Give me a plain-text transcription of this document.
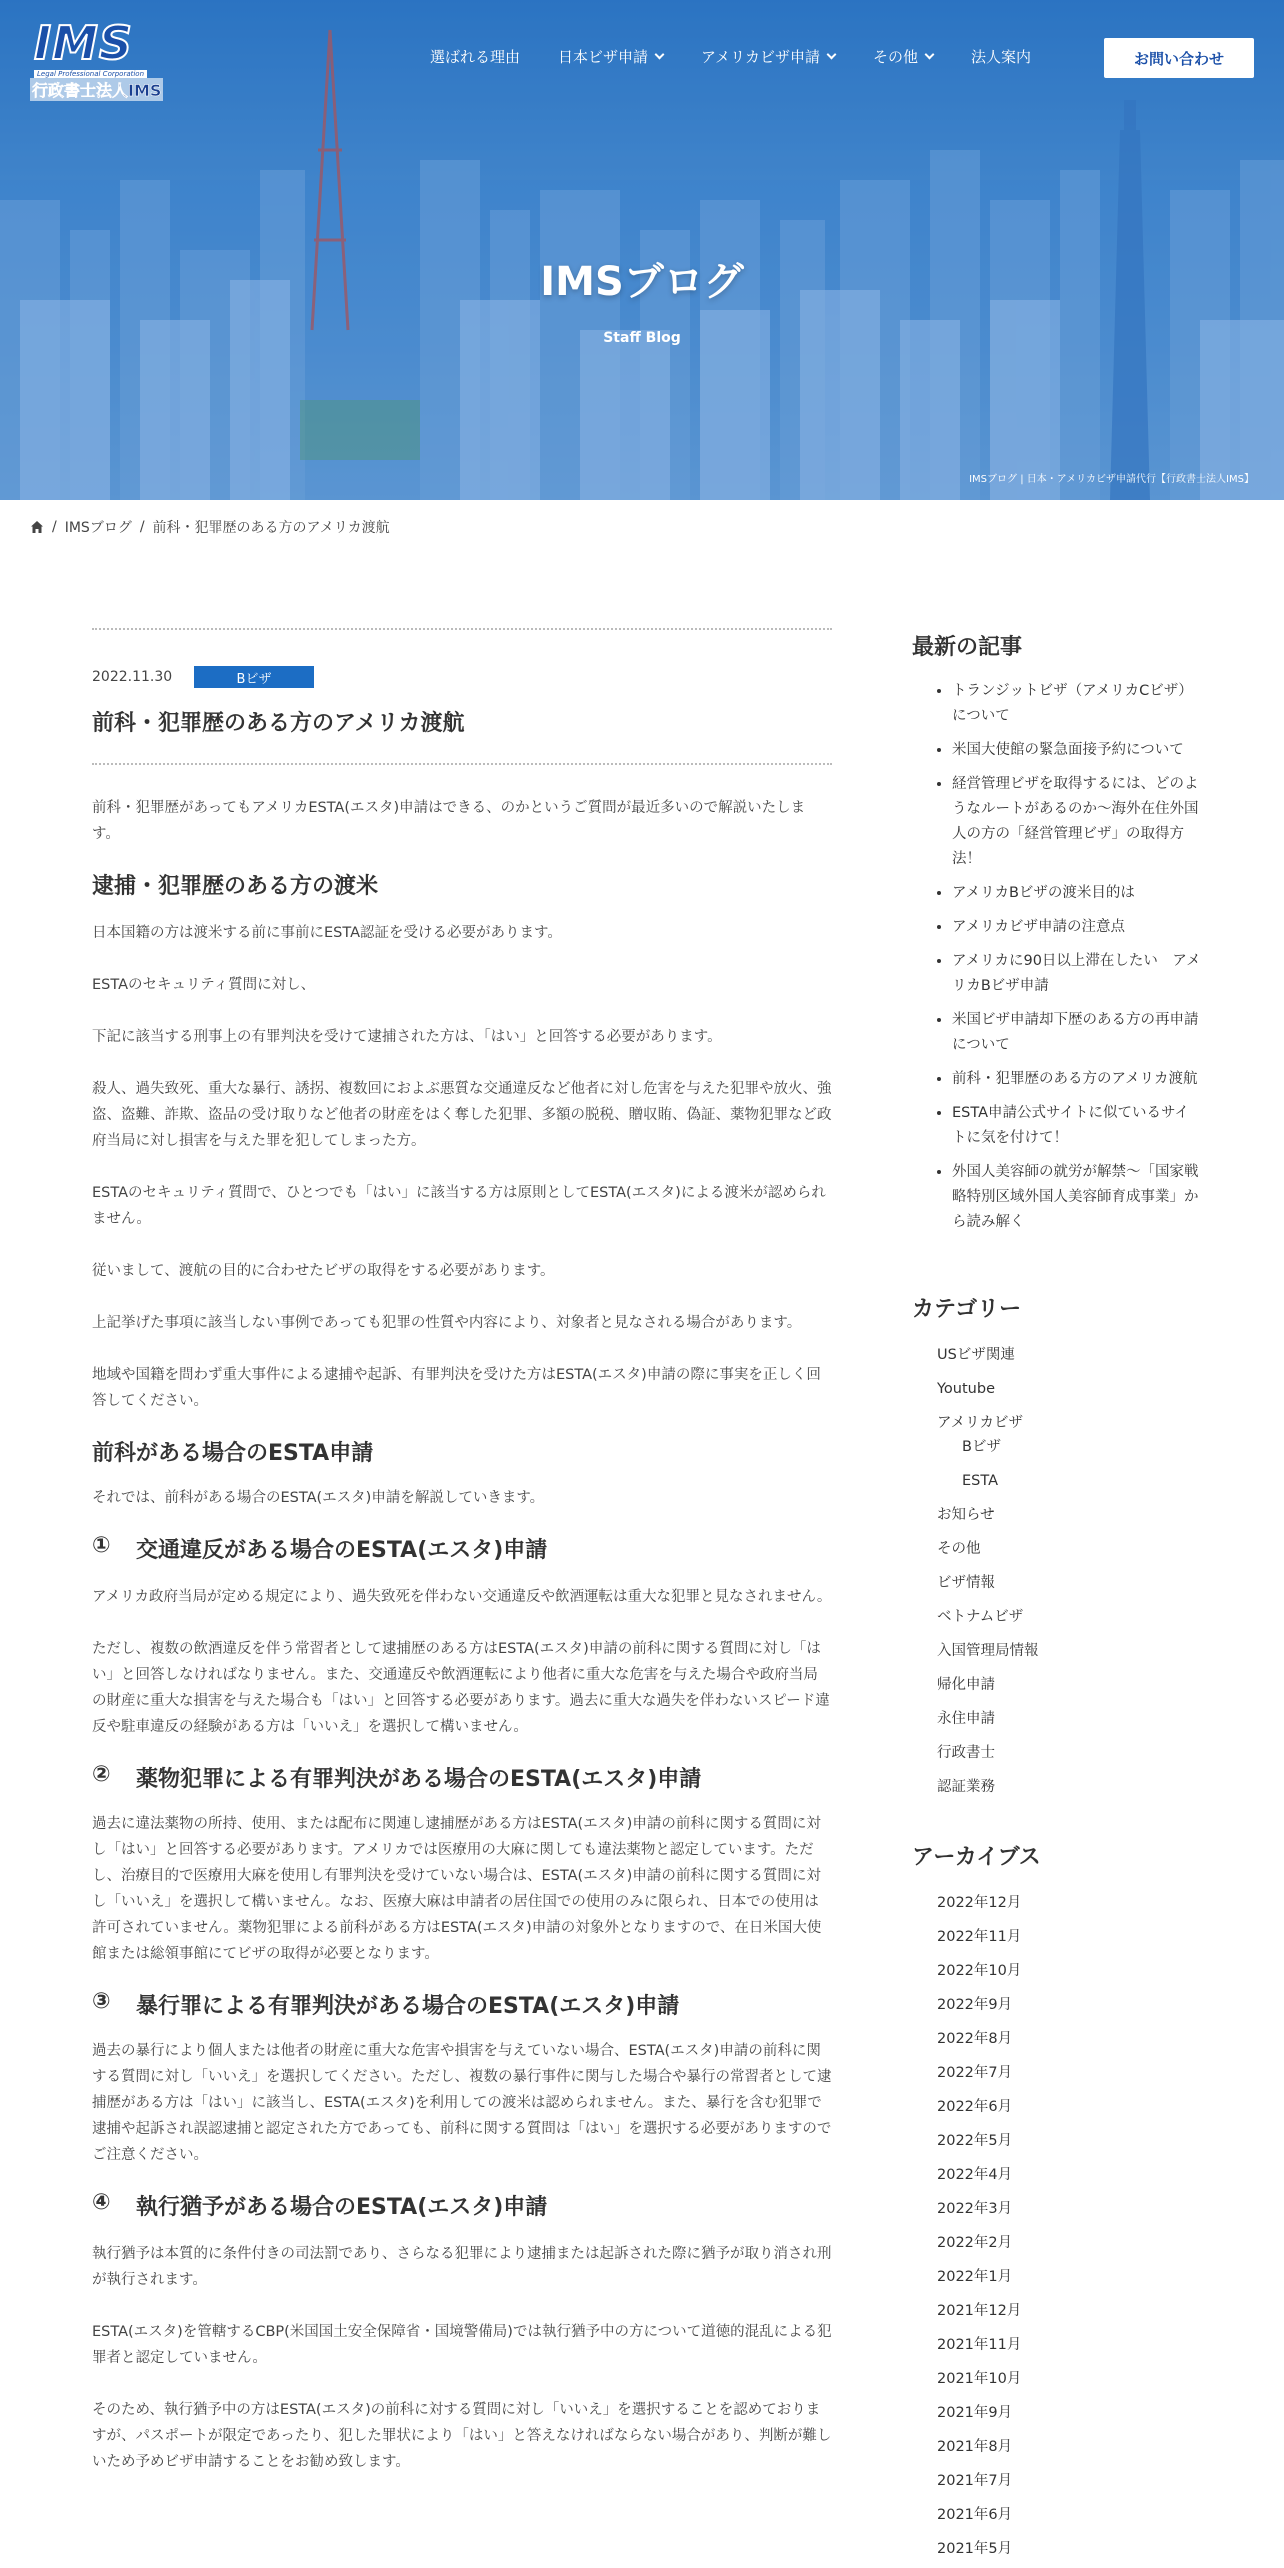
IMS
Legal Professional Corporation
行政書士法人IMS
選ばれる理由	日本ビザ申請	アメリカビザ申請	その他	法人案内	お問い合わせ
IMSブログ
Staff Blog
IMSブログ | 日本・アメリカビザ申請代行【行政書士法人IMS】
/ IMSブログ / 前科・犯罪歴のある方のアメリカ渡航
2022.11.30	Bビザ
前科・犯罪歴のある方のアメリカ渡航

前科・犯罪歴があってもアメリカESTA(エスタ)申請はできる、のかというご質問が最近多いので解説いたします。

逮捕・犯罪歴のある方の渡米

日本国籍の方は渡米する前に事前にESTA認証を受ける必要があります。

ESTAのセキュリティ質問に対し、

下記に該当する刑事上の有罪判決を受けて逮捕された方は、「はい」と回答する必要があります。

殺人、過失致死、重大な暴行、誘拐、複数回におよぶ悪質な交通違反など他者に対し危害を与えた犯罪や放火、強盗、盗難、詐欺、盗品の受け取りなど他者の財産をはく奪した犯罪、多額の脱税、贈収賄、偽証、薬物犯罪など政府当局に対し損害を与えた罪を犯してしまった方。

ESTAのセキュリティ質問で、ひとつでも「はい」に該当する方は原則としてESTA(エスタ)による渡米が認められません。

従いまして、渡航の目的に合わせたビザの取得をする必要があります。

上記挙げた事項に該当しない事例であっても犯罪の性質や内容により、対象者と見なされる場合があります。

地域や国籍を問わず重大事件による逮捕や起訴、有罪判決を受けた方はESTA(エスタ)申請の際に事実を正しく回答してください。

前科がある場合のESTA申請

それでは、前科がある場合のESTA(エスタ)申請を解説していきます。

①	交通違反がある場合のESTA(エスタ)申請

アメリカ政府当局が定める規定により、過失致死を伴わない交通違反や飲酒運転は重大な犯罪と見なされません。

ただし、複数の飲酒違反を伴う常習者として逮捕歴のある方はESTA(エスタ)申請の前科に関する質問に対し「はい」と回答しなければなりません。また、交通違反や飲酒運転により他者に重大な危害を与えた場合や政府当局の財産に重大な損害を与えた場合も「はい」と回答する必要があります。過去に重大な過失を伴わないスピード違反や駐車違反の経験がある方は「いいえ」を選択して構いません。

②	薬物犯罪による有罪判決がある場合のESTA(エスタ)申請

過去に違法薬物の所持、使用、または配布に関連し逮捕歴がある方はESTA(エスタ)申請の前科に関する質問に対し「はい」と回答する必要があります。アメリカでは医療用の大麻に関しても違法薬物と認定しています。ただし、治療目的で医療用大麻を使用し有罪判決を受けていない場合は、ESTA(エスタ)申請の前科に関する質問に対し「いいえ」を選択して構いません。なお、医療大麻は申請者の居住国での使用のみに限られ、日本での使用は許可されていません。薬物犯罪による前科がある方はESTA(エスタ)申請の対象外となりますので、在日米国大使館または総領事館にてビザの取得が必要となります。

③	暴行罪による有罪判決がある場合のESTA(エスタ)申請

過去の暴行により個人または他者の財産に重大な危害や損害を与えていない場合、ESTA(エスタ)申請の前科に関する質問に対し「いいえ」を選択してください。ただし、複数の暴行事件に関与した場合や暴行の常習者として逮捕歴がある方は「はい」に該当し、ESTA(エスタ)を利用しての渡米は認められません。また、暴行を含む犯罪で逮捕や起訴され誤認逮捕と認定された方であっても、前科に関する質問は「はい」を選択する必要がありますのでご注意ください。

④	執行猶予がある場合のESTA(エスタ)申請

執行猶予は本質的に条件付きの司法罰であり、さらなる犯罪により逮捕または起訴された際に猶予が取り消され刑が執行されます。

ESTA(エスタ)を管轄するCBP(米国国土安全保障省・国境警備局)では執行猶予中の方について道徳的混乱による犯罪者と認定していません。

そのため、執行猶予中の方はESTA(エスタ)の前科に対する質問に対し「いいえ」を選択することを認めておりますが、パスポートが限定であったり、犯した罪状により「はい」と答えなければならない場合があり、判断が難しいため予めビザ申請することをお勧め致します。

最新の記事
• トランジットビザ（アメリカCビザ）について
• 米国大使館の緊急面接予約について
• 経営管理ビザを取得するには、どのようなルートがあるのか〜海外在住外国人の方の「経営管理ビザ」の取得方法！
• アメリカBビザの渡米目的は
• アメリカビザ申請の注意点
• アメリカに90日以上滞在したい　アメリカBビザ申請
• 米国ビザ申請却下歴のある方の再申請について
• 前科・犯罪歴のある方のアメリカ渡航
• ESTA申請公式サイトに似ているサイトに気を付けて！
• 外国人美容師の就労が解禁〜「国家戦略特別区域外国人美容師育成事業」から読み解く
カテゴリー
USビザ関連
Youtube
アメリカビザ
Bビザ
ESTA
お知らせ
その他
ビザ情報
ベトナムビザ
入国管理局情報
帰化申請
永住申請
行政書士
認証業務
アーカイブス
2022年12月
2022年11月
2022年10月
2022年9月
2022年8月
2022年7月
2022年6月
2022年5月
2022年4月
2022年3月
2022年2月
2022年1月
2021年12月
2021年11月
2021年10月
2021年9月
2021年8月
2021年7月
2021年6月
2021年5月
